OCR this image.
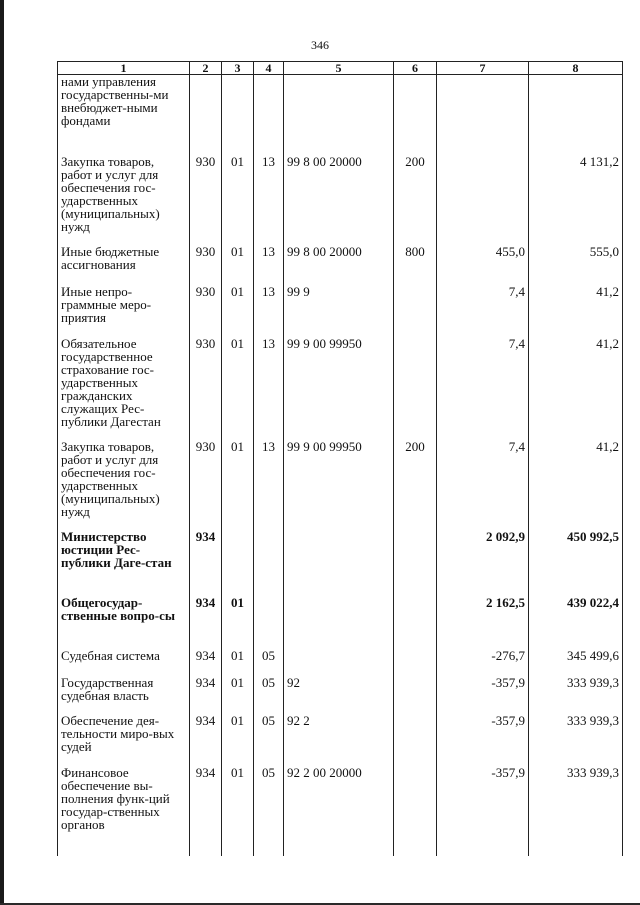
346
1	2	3	4	5	6	7	8
нами управления государственны-ми внебюджет-ными фондами							
Закупка товаров, работ и услуг для обеспечения гос-ударственных (муниципальных) нужд	930	01	13	99 8 00 20000	200		4 131,2
Иные бюджетные ассигнования	930	01	13	99 8 00 20000	800	455,0	555,0
Иные непро-граммные меро-приятия	930	01	13	99 9		7,4	41,2
Обязательное государственное страхование гос-ударственных гражданских служащих Рес-публики Дагестан	930	01	13	99 9 00 99950		7,4	41,2
Закупка товаров, работ и услуг для обеспечения гос-ударственных (муниципальных) нужд	930	01	13	99 9 00 99950	200	7,4	41,2
Министерство юстиции Рес-публики Даге-стан	934					2 092,9	450 992,5
Общегосудар-ственные вопро-сы	934	01				2 162,5	439 022,4
Судебная система	934	01	05			-276,7	345 499,6
Государственная судебная власть	934	01	05	92		-357,9	333 939,3
Обеспечение дея-тельности миро-вых судей	934	01	05	92 2		-357,9	333 939,3
Финансовое обеспечение вы-полнения функ-ций государ-ственных органов	934	01	05	92 2 00 20000		-357,9	333 939,3
